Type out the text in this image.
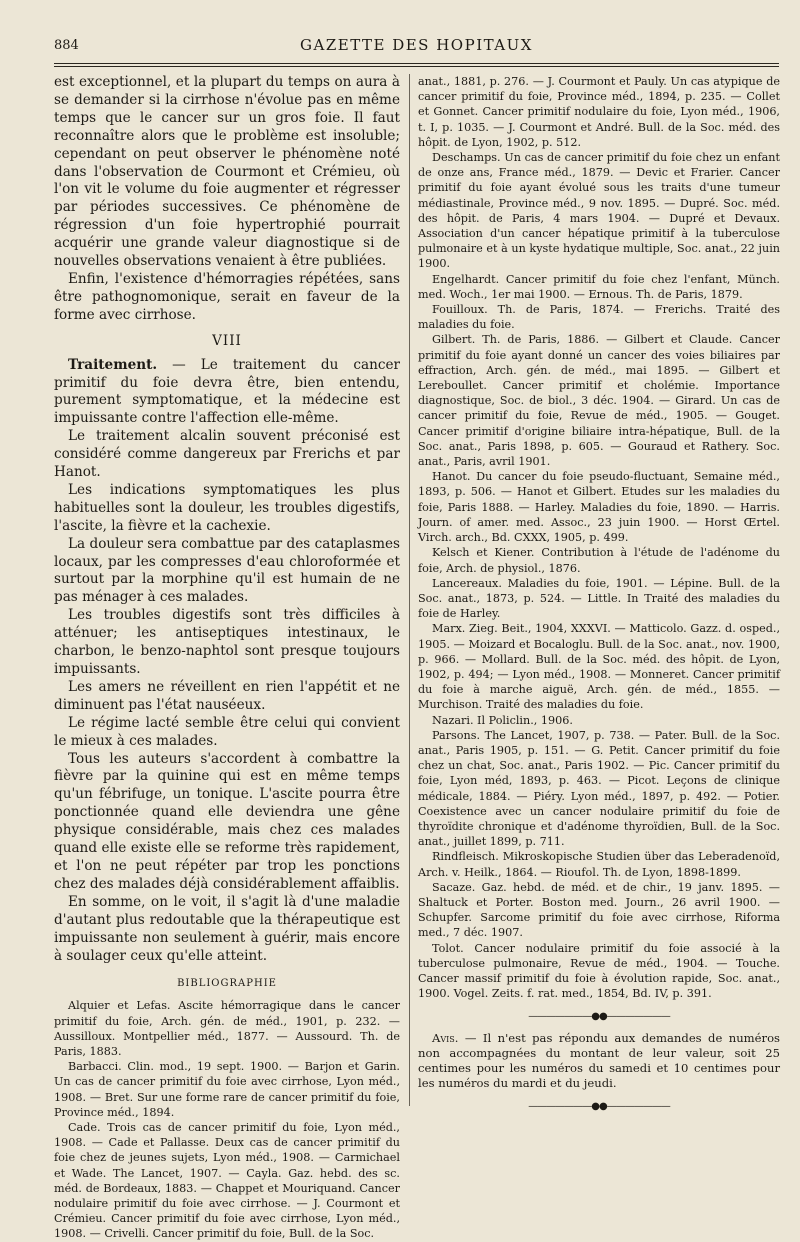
884	GAZETTE DES HOPITAUX

est exceptionnel, et la plupart du temps on aura à se demander si la cirrhose n'évolue pas en même temps que le cancer sur un gros foie. Il faut reconnaître alors que le problème est insoluble; cependant on peut observer le phénomène noté dans l'observation de Courmont et Crémieu, où l'on vit le volume du foie augmenter et régresser par périodes successives. Ce phénomène de régression d'un foie hypertrophié pourrait acquérir une grande valeur diagnostique si de nouvelles observations venaient à être publiées.

Enfin, l'existence d'hémorragies répétées, sans être pathognomonique, serait en faveur de la forme avec cirrhose.

VIII

Traitement. — Le traitement du cancer primitif du foie devra être, bien entendu, purement symptomatique, et la médecine est impuissante contre l'affection elle-même.

Le traitement alcalin souvent préconisé est considéré comme dangereux par Frerichs et par Hanot.

Les indications symptomatiques les plus habituelles sont la douleur, les troubles digestifs, l'ascite, la fièvre et la cachexie.

La douleur sera combattue par des cataplasmes locaux, par les compresses d'eau chloroformée et surtout par la morphine qu'il est humain de ne pas ménager à ces malades.

Les troubles digestifs sont très difficiles à atténuer; les antiseptiques intestinaux, le charbon, le benzo-naphtol sont presque toujours impuissants.

Les amers ne réveillent en rien l'appétit et ne diminuent pas l'état nauséeux.

Le régime lacté semble être celui qui convient le mieux à ces malades.

Tous les auteurs s'accordent à combattre la fièvre par la quinine qui est en même temps qu'un fébrifuge, un tonique. L'ascite pourra être ponctionnée quand elle deviendra une gêne physique considérable, mais chez ces malades quand elle existe elle se reforme très rapidement, et l'on ne peut répéter par trop les ponctions chez des malades déjà considérablement affaiblis.

En somme, on le voit, il s'agit là d'une maladie d'autant plus redoutable que la thérapeutique est impuissante non seulement à guérir, mais encore à soulager ceux qu'elle atteint.

BIBLIOGRAPHIE

Alquier et Lefas. Ascite hémorragique dans le cancer primitif du foie, Arch. gén. de méd., 1901, p. 232. — Aussilloux. Montpellier méd., 1877. — Aussourd. Th. de Paris, 1883.

Barbacci. Clin. mod., 19 sept. 1900. — Barjon et Garin. Un cas de cancer primitif du foie avec cirrhose, Lyon méd., 1908. — Bret. Sur une forme rare de cancer primitif du foie, Province méd., 1894.

Cade. Trois cas de cancer primitif du foie, Lyon méd., 1908. — Cade et Pallasse. Deux cas de cancer primitif du foie chez de jeunes sujets, Lyon méd., 1908. — Carmichael et Wade. The Lancet, 1907. — Cayla. Gaz. hebd. des sc. méd. de Bordeaux, 1883. — Chappet et Mouriquand. Cancer nodulaire primitif du foie avec cirrhose. — J. Courmont et Crémieu. Cancer primitif du foie avec cirrhose, Lyon méd., 1908. — Crivelli. Cancer primitif du foie, Bull. de la Soc.

anat., 1881, p. 276. — J. Courmont et Pauly. Un cas atypique de cancer primitif du foie, Province méd., 1894, p. 235. — Collet et Gonnet. Cancer primitif nodulaire du foie, Lyon méd., 1906, t. I, p. 1035. — J. Courmont et André. Bull. de la Soc. méd. des hôpit. de Lyon, 1902, p. 512.

Deschamps. Un cas de cancer primitif du foie chez un enfant de onze ans, France méd., 1879. — Devic et Frarier. Cancer primitif du foie ayant évolué sous les traits d'une tumeur médiastinale, Province méd., 9 nov. 1895. — Dupré. Soc. méd. des hôpit. de Paris, 4 mars 1904. — Dupré et Devaux. Association d'un cancer hépatique primitif à la tuberculose pulmonaire et à un kyste hydatique multiple, Soc. anat., 22 juin 1900.

Engelhardt. Cancer primitif du foie chez l'enfant, Münch. med. Woch., 1er mai 1900. — Ernous. Th. de Paris, 1879.

Fouilloux. Th. de Paris, 1874. — Frerichs. Traité des maladies du foie.

Gilbert. Th. de Paris, 1886. — Gilbert et Claude. Cancer primitif du foie ayant donné un cancer des voies biliaires par effraction, Arch. gén. de méd., mai 1895. — Gilbert et Lereboullet. Cancer primitif et cholémie. Importance diagnostique, Soc. de biol., 3 déc. 1904. — Girard. Un cas de cancer primitif du foie, Revue de méd., 1905. — Gouget. Cancer primitif d'origine biliaire intra-hépatique, Bull. de la Soc. anat., Paris 1898, p. 605. — Gouraud et Rathery. Soc. anat., Paris, avril 1901.

Hanot. Du cancer du foie pseudo-fluctuant, Semaine méd., 1893, p. 506. — Hanot et Gilbert. Etudes sur les maladies du foie, Paris 1888. — Harley. Maladies du foie, 1890. — Harris. Journ. of amer. med. Assoc., 23 juin 1900. — Horst Œrtel. Virch. arch., Bd. CXXX, 1905, p. 499.

Kelsch et Kiener. Contribution à l'étude de l'adénome du foie, Arch. de physiol., 1876.

Lancereaux. Maladies du foie, 1901. — Lépine. Bull. de la Soc. anat., 1873, p. 524. — Little. In Traité des maladies du foie de Harley.

Marx. Zieg. Beit., 1904, XXXVI. — Matticolo. Gazz. d. osped., 1905. — Moizard et Bocaloglu. Bull. de la Soc. anat., nov. 1900, p. 966. — Mollard. Bull. de la Soc. méd. des hôpit. de Lyon, 1902, p. 494; — Lyon méd., 1908. — Monneret. Cancer primitif du foie à marche aiguë, Arch. gén. de méd., 1855. — Murchison. Traité des maladies du foie.

Nazari. Il Policlin., 1906.

Parsons. The Lancet, 1907, p. 738. — Pater. Bull. de la Soc. anat., Paris 1905, p. 151. — G. Petit. Cancer primitif du foie chez un chat, Soc. anat., Paris 1902. — Pic. Cancer primitif du foie, Lyon méd, 1893, p. 463. — Picot. Leçons de clinique médicale, 1884. — Piéry. Lyon méd., 1897, p. 492. — Potier. Coexistence avec un cancer nodulaire primitif du foie de thyroïdite chronique et d'adénome thyroïdien, Bull. de la Soc. anat., juillet 1899, p. 711.

Rindfleisch. Mikroskopische Studien über das Leberadenoïd, Arch. v. Heilk., 1864. — Rioufol. Th. de Lyon, 1898-1899.

Sacaze. Gaz. hebd. de méd. et de chir., 19 janv. 1895. — Shaltuck et Porter. Boston med. Journ., 26 avril 1900. — Schupfer. Sarcome primitif du foie avec cirrhose, Riforma med., 7 déc. 1907.

Tolot. Cancer nodulaire primitif du foie associé à la tuberculose pulmonaire, Revue de méd., 1904. — Touche. Cancer massif primitif du foie à évolution rapide, Soc. anat., 1900. Vogel. Zeits. f. rat. med., 1854, Bd. IV, p. 391.

———————●●———————

Avis. — Il n'est pas répondu aux demandes de numéros non accompagnées du montant de leur valeur, soit 25 centimes pour les numéros du samedi et 10 centimes pour les numéros du mardi et du jeudi.

———————●●———————
